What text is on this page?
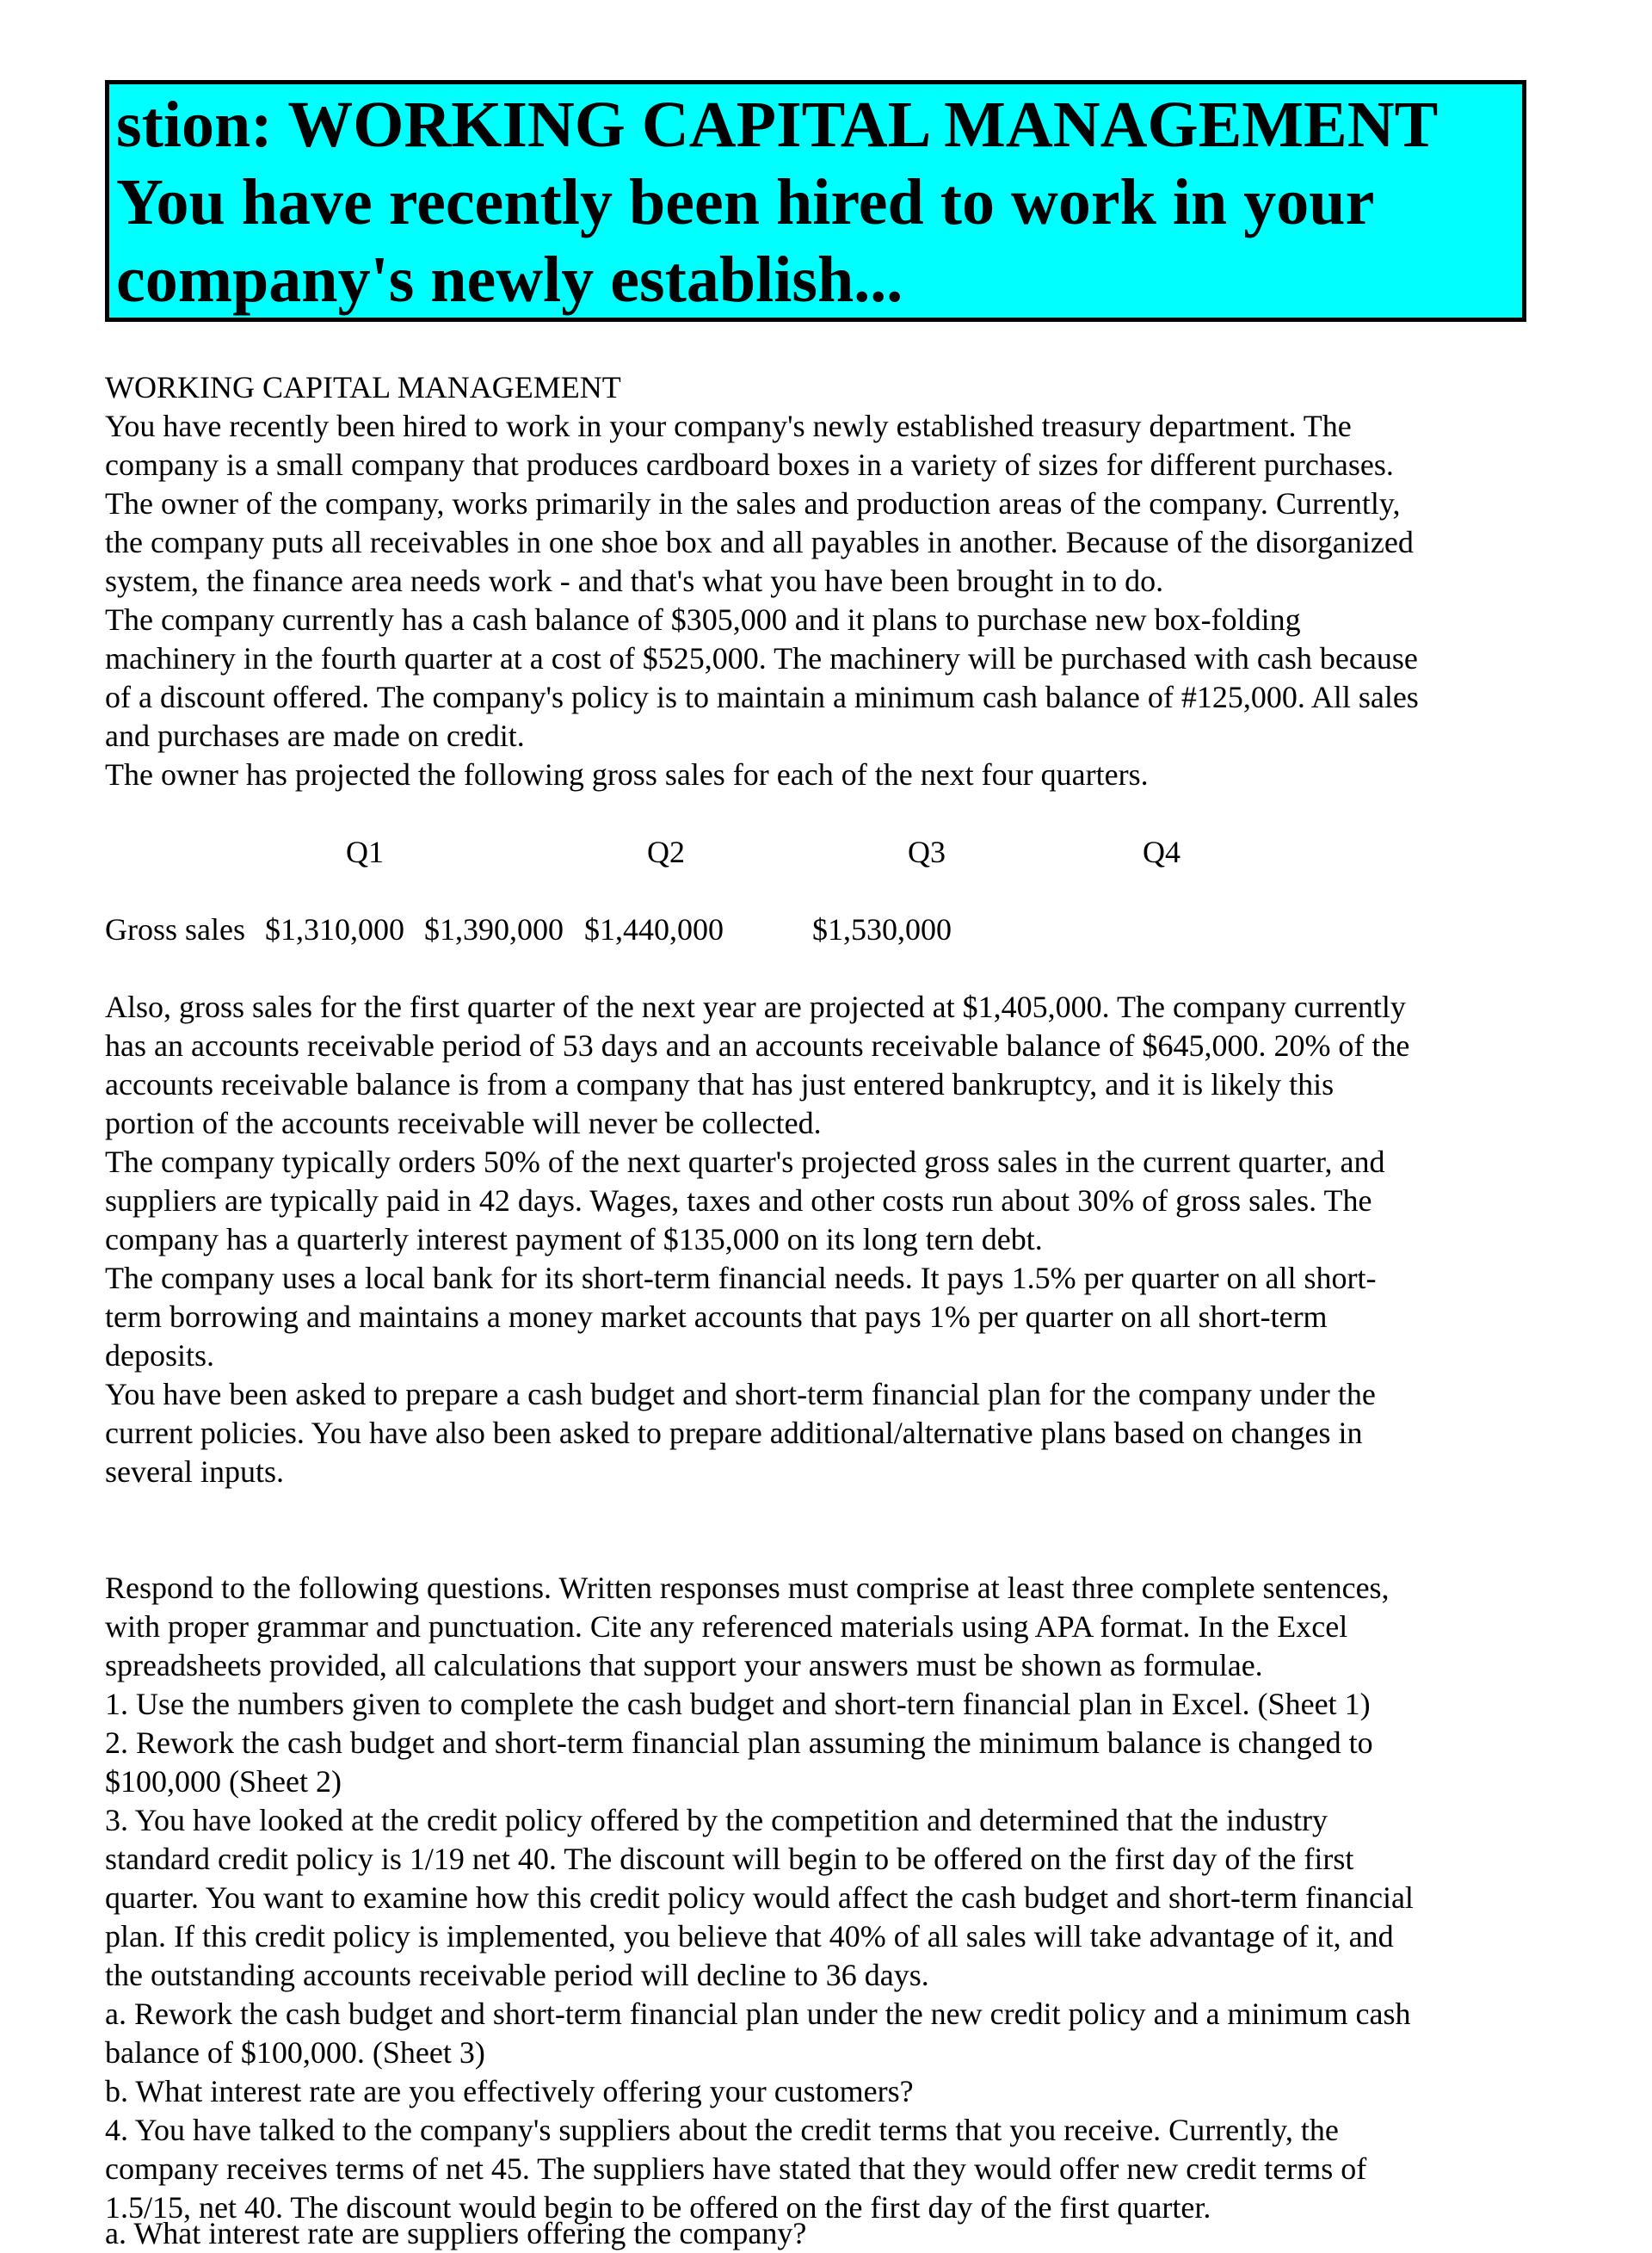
stion: WORKING CAPITAL MANAGEMENT
You have recently been hired to work in your
company's newly establish...
WORKING CAPITAL MANAGEMENT
You have recently been hired to work in your company's newly established treasury department. The
company is a small company that produces cardboard boxes in a variety of sizes for different purchases.
The owner of the company, works primarily in the sales and production areas of the company. Currently,
the company puts all receivables in one shoe box and all payables in another. Because of the disorganized
system, the finance area needs work - and that's what you have been brought in to do.
The company currently has a cash balance of $305,000 and it plans to purchase new box-folding
machinery in the fourth quarter at a cost of $525,000. The machinery will be purchased with cash because
of a discount offered. The company's policy is to maintain a minimum cash balance of #125,000. All sales
and purchases are made on credit.
The owner has projected the following gross sales for each of the next four quarters.
Q1	Q2	Q3	Q4
Gross sales $1,310,000 $1,390,000 $1,440,000	$1,530,000
Also, gross sales for the first quarter of the next year are projected at $1,405,000. The company currently
has an accounts receivable period of 53 days and an accounts receivable balance of $645,000. 20% of the
accounts receivable balance is from a company that has just entered bankruptcy, and it is likely this
portion of the accounts receivable will never be collected.
The company typically orders 50% of the next quarter's projected gross sales in the current quarter, and
suppliers are typically paid in 42 days. Wages, taxes and other costs run about 30% of gross sales. The
company has a quarterly interest payment of $135,000 on its long tern debt.
The company uses a local bank for its short-term financial needs. It pays 1.5% per quarter on all short-
term borrowing and maintains a money market accounts that pays 1% per quarter on all short-term
deposits.
You have been asked to prepare a cash budget and short-term financial plan for the company under the
current policies. You have also been asked to prepare additional/alternative plans based on changes in
several inputs.
Respond to the following questions. Written responses must comprise at least three complete sentences,
with proper grammar and punctuation. Cite any referenced materials using APA format. In the Excel
spreadsheets provided, all calculations that support your answers must be shown as formulae.
1. Use the numbers given to complete the cash budget and short-tern financial plan in Excel. (Sheet 1)
2. Rework the cash budget and short-term financial plan assuming the minimum balance is changed to
$100,000 (Sheet 2)
3. You have looked at the credit policy offered by the competition and determined that the industry
standard credit policy is 1/19 net 40. The discount will begin to be offered on the first day of the first
quarter. You want to examine how this credit policy would affect the cash budget and short-term financial
plan. If this credit policy is implemented, you believe that 40% of all sales will take advantage of it, and
the outstanding accounts receivable period will decline to 36 days.
a. Rework the cash budget and short-term financial plan under the new credit policy and a minimum cash
balance of $100,000. (Sheet 3)
b. What interest rate are you effectively offering your customers?
4. You have talked to the company's suppliers about the credit terms that you receive. Currently, the
company receives terms of net 45. The suppliers have stated that they would offer new credit terms of
1.5/15, net 40. The discount would begin to be offered on the first day of the first quarter.
a. What interest rate are suppliers offering the company?
